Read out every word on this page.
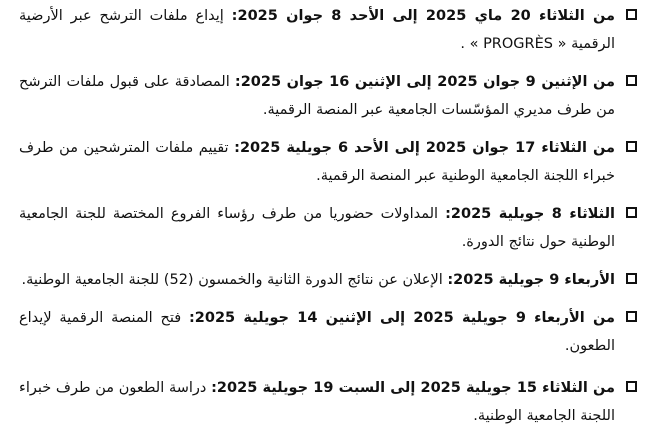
من الثلاثاء 20 ماي 2025 إلى الأحد 8 جوان 2025: إيداع ملفات الترشح عبر الأرضية الرقمية « PROGRÈS » .
من الإثنين 9 جوان 2025 إلى الإثنين 16 جوان 2025: المصادقة على قبول ملفات الترشح من طرف مديري المؤسّسات الجامعية عبر المنصة الرقمية.
من الثلاثاء 17 جوان 2025 إلى الأحد 6 جويلية 2025: تقييم ملفات المترشحين من طرف خبراء اللجنة الجامعية الوطنية عبر المنصة الرقمية.
الثلاثاء 8 جويلية 2025: المداولات حضوريا من طرف رؤساء الفروع المختصة للجنة الجامعية الوطنية حول نتائج الدورة.
الأربعاء 9 جويلية 2025: الإعلان عن نتائج الدورة الثانية والخمسون (52) للجنة الجامعية الوطنية.
من الأربعاء 9 جويلية 2025 إلى الإثنين 14 جويلية 2025: فتح المنصة الرقمية لإيداع الطعون.
من الثلاثاء 15 جويلية 2025 إلى السبت 19 جويلية 2025: دراسة الطعون من طرف خبراء اللجنة الجامعية الوطنية.
